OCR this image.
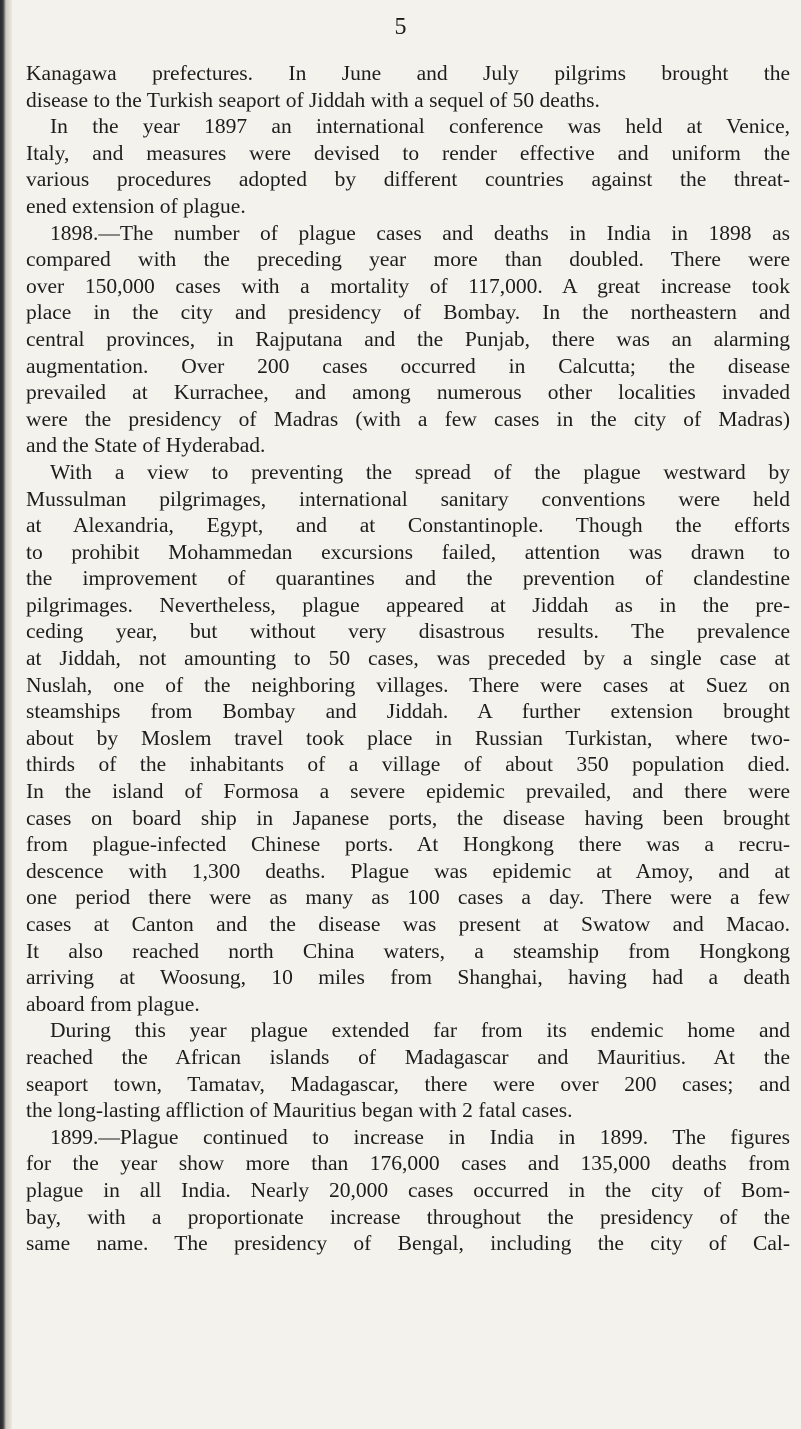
5
Kanagawa prefectures. In June and July pilgrims brought the
disease to the Turkish seaport of Jiddah with a sequel of 50 deaths.
In the year 1897 an international conference was held at Venice,
Italy, and measures were devised to render effective and uniform the
various procedures adopted by different countries against the threat-
ened extension of plague.
1898.—The number of plague cases and deaths in India in 1898 as
compared with the preceding year more than doubled. There were
over 150,000 cases with a mortality of 117,000. A great increase took
place in the city and presidency of Bombay. In the northeastern and
central provinces, in Rajputana and the Punjab, there was an alarming
augmentation. Over 200 cases occurred in Calcutta; the disease
prevailed at Kurrachee, and among numerous other localities invaded
were the presidency of Madras (with a few cases in the city of Madras)
and the State of Hyderabad.
With a view to preventing the spread of the plague westward by
Mussulman pilgrimages, international sanitary conventions were held
at Alexandria, Egypt, and at Constantinople. Though the efforts
to prohibit Mohammedan excursions failed, attention was drawn to
the improvement of quarantines and the prevention of clandestine
pilgrimages. Nevertheless, plague appeared at Jiddah as in the pre-
ceding year, but without very disastrous results. The prevalence
at Jiddah, not amounting to 50 cases, was preceded by a single case at
Nuslah, one of the neighboring villages. There were cases at Suez on
steamships from Bombay and Jiddah. A further extension brought
about by Moslem travel took place in Russian Turkistan, where two-
thirds of the inhabitants of a village of about 350 population died.
In the island of Formosa a severe epidemic prevailed, and there were
cases on board ship in Japanese ports, the disease having been brought
from plague-infected Chinese ports. At Hongkong there was a recru-
descence with 1,300 deaths. Plague was epidemic at Amoy, and at
one period there were as many as 100 cases a day. There were a few
cases at Canton and the disease was present at Swatow and Macao.
It also reached north China waters, a steamship from Hongkong
arriving at Woosung, 10 miles from Shanghai, having had a death
aboard from plague.
During this year plague extended far from its endemic home and
reached the African islands of Madagascar and Mauritius. At the
seaport town, Tamatav, Madagascar, there were over 200 cases; and
the long-lasting affliction of Mauritius began with 2 fatal cases.
1899.—Plague continued to increase in India in 1899. The figures
for the year show more than 176,000 cases and 135,000 deaths from
plague in all India. Nearly 20,000 cases occurred in the city of Bom-
bay, with a proportionate increase throughout the presidency of the
same name. The presidency of Bengal, including the city of Cal-
